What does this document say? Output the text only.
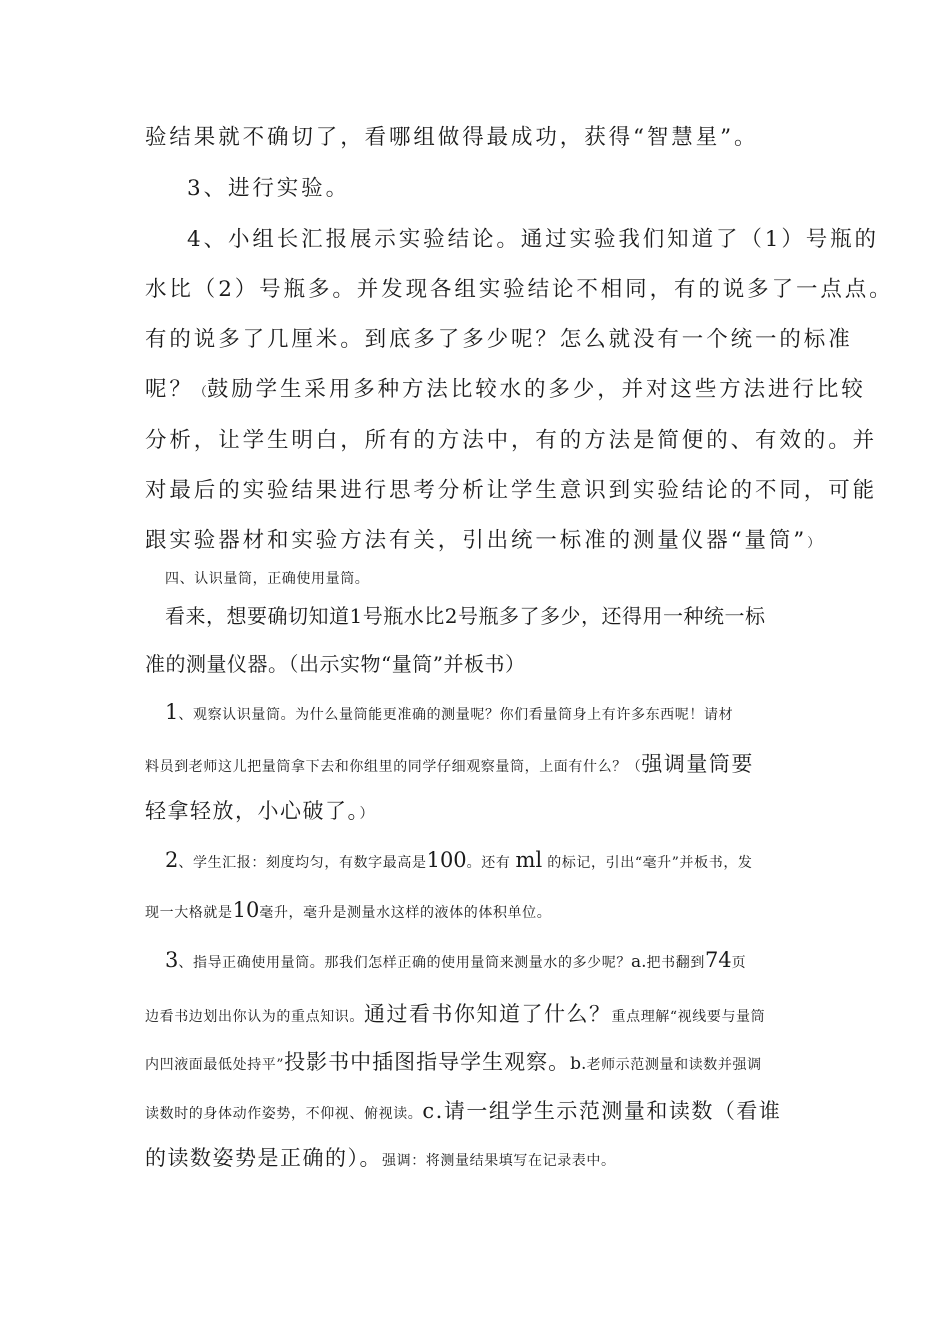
验结果就不确切了，看哪组做得最成功，获得“智慧星”。
3、进行实验。
4、小组长汇报展示实验结论。通过实验我们知道了（1）号瓶的
水比（2）号瓶多。并发现各组实验结论不相同，有的说多了一点点。
有的说多了几厘米。到底多了多少呢？怎么就没有一个统一的标准
呢？（鼓励学生采用多种方法比较水的多少，并对这些方法进行比较
分析，让学生明白，所有的方法中，有的方法是简便的、有效的。并
对最后的实验结果进行思考分析让学生意识到实验结论的不同，可能
跟实验器材和实验方法有关，引出统一标准的测量仪器“量筒”）
四、认识量筒，正确使用量筒。
看来，想要确切知道1号瓶水比2号瓶多了多少，还得用一种统一标
准的测量仪器。（出示实物“量筒”并板书）
1、观察认识量筒。为什么量筒能更准确的测量呢？你们看量筒身上有许多东西呢！请材
料员到老师这儿把量筒拿下去和你组里的同学仔细观察量筒，上面有什么？（强调量筒要
轻拿轻放，小心破了。）
2、学生汇报：刻度均匀，有数字最高是100。还有 ml 的标记，引出“毫升”并板书，发
现一大格就是10毫升，毫升是测量水这样的液体的体积单位。
3、指导正确使用量筒。那我们怎样正确的使用量筒来测量水的多少呢？a.把书翻到74页
边看书边划出你认为的重点知识。通过看书你知道了什么？重点理解“视线要与量筒
内凹液面最低处持平”投影书中插图指导学生观察。b.老师示范测量和读数并强调
读数时的身体动作姿势，不仰视、俯视读。c.请一组学生示范测量和读数（看谁
的读数姿势是正确的）。强调：将测量结果填写在记录表中。
